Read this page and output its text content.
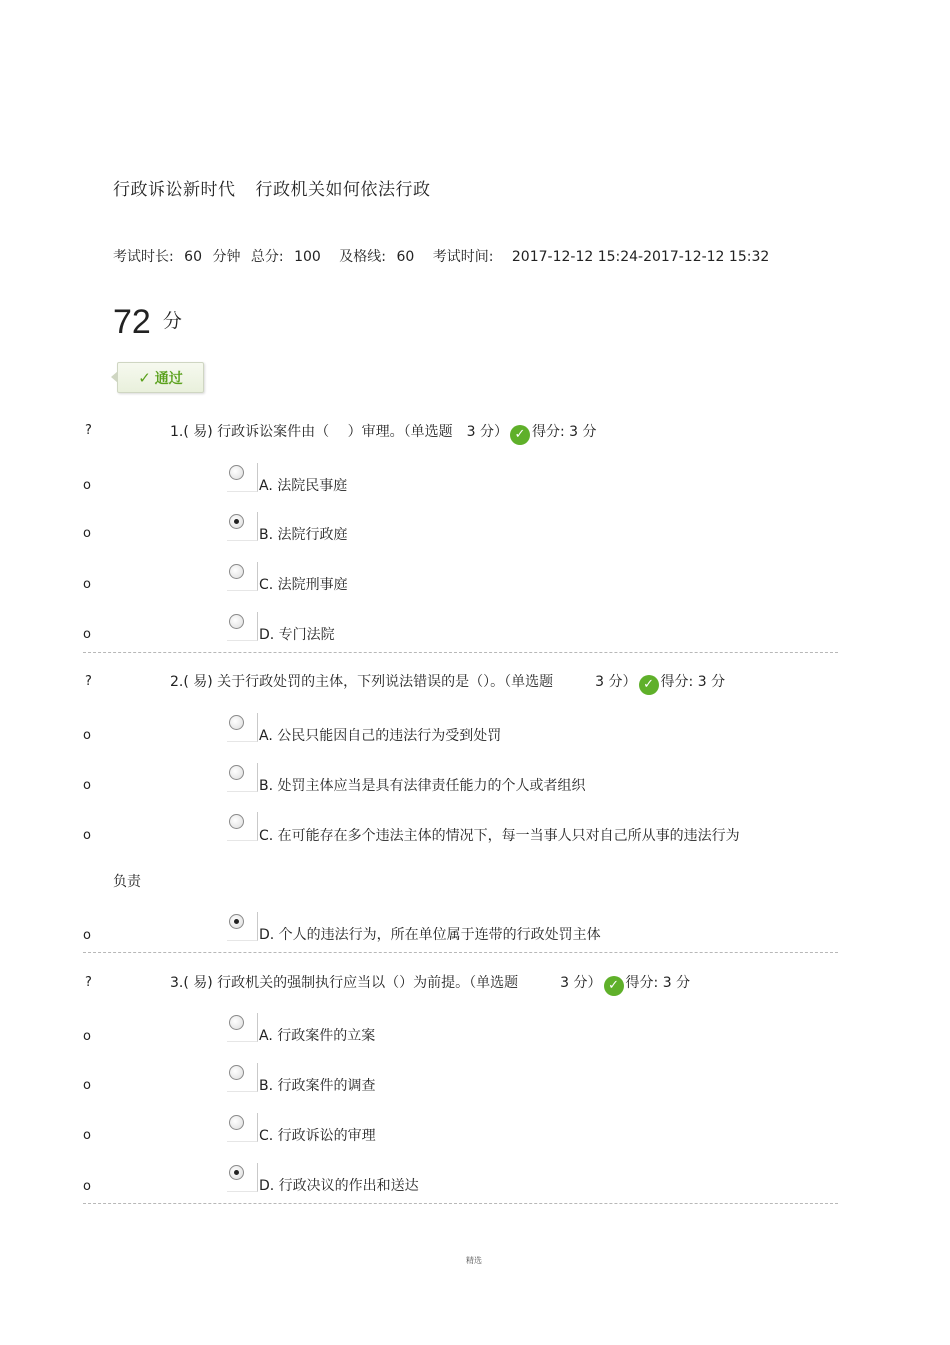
行政诉讼新时代 行政机关如何依法行政
考试时长: 60 分钟 总分: 100 及格线: 60 考试时间: 2017-12-12 15:24-2017-12-12 15:32
72 分
✓ 通过
?	1.( 易) 行政诉讼案件由（　 ）审理。（单选题　3 分） ✓ 得分: 3 分
o	A. 法院民事庭
o	B. 法院行政庭
o	C. 法院刑事庭
o	D. 专门法院
?	2.( 易) 关于行政处罚的主体，下列说法错误的是（）。（单选题　　　3 分） ✓ 得分: 3 分
o	A. 公民只能因自己的违法行为受到处罚
o	B. 处罚主体应当是具有法律责任能力的个人或者组织
o	C. 在可能存在多个违法主体的情况下，每一当事人只对自己所从事的违法行为
负责
o	D. 个人的违法行为，所在单位属于连带的行政处罚主体
?	3.( 易) 行政机关的强制执行应当以（）为前提。（单选题　　　3 分） ✓ 得分: 3 分
o	A. 行政案件的立案
o	B. 行政案件的调查
o	C. 行政诉讼的审理
o	D. 行政决议的作出和送达
精选
